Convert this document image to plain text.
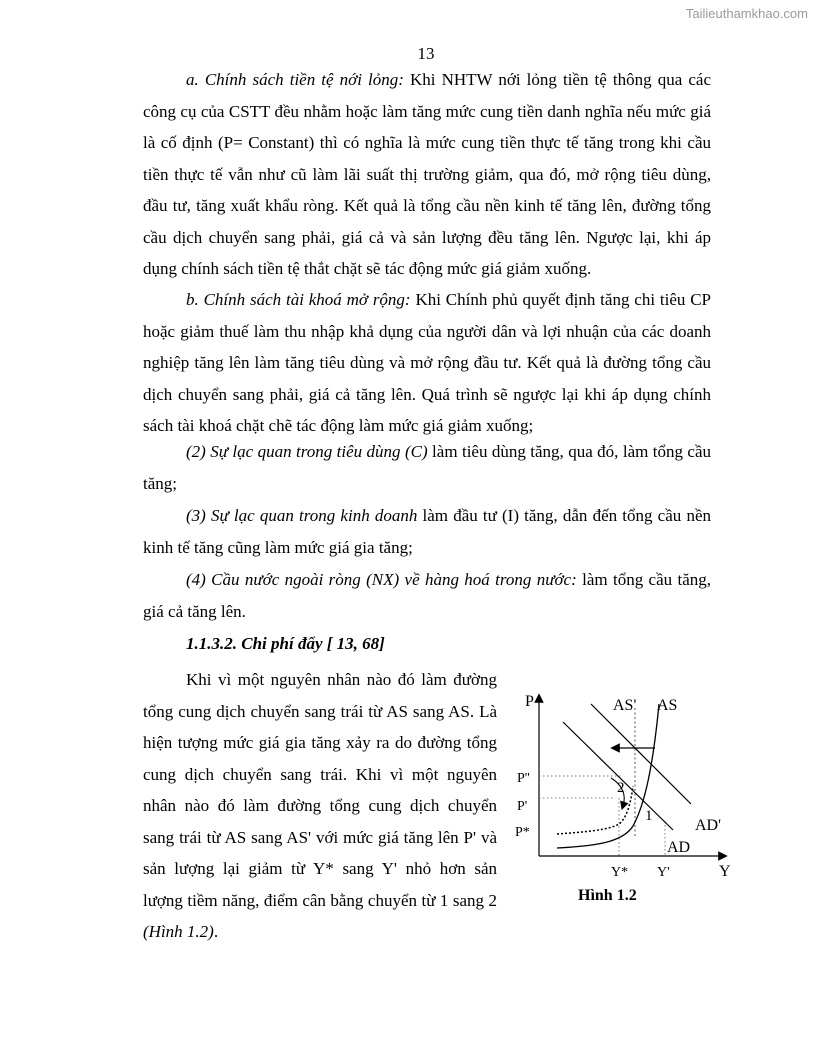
Tailieuthamkhao.com
13

a. Chính sách tiền tệ nới lỏng: Khi NHTW nới lỏng tiền tệ thông qua các công cụ của CSTT đều nhằm hoặc làm tăng mức cung tiền danh nghĩa nếu mức giá là cố định (P= Constant) thì có nghĩa là mức cung tiền thực tế tăng trong khi cầu tiền thực tế vẫn như cũ làm lãi suất thị trường giảm, qua đó, mở rộng tiêu dùng, đầu tư, tăng xuất khẩu ròng. Kết quả là tổng cầu nền kinh tế tăng lên, đường tổng cầu dịch chuyển sang phải, giá cả và sản lượng đều tăng lên. Ngược lại, khi áp dụng chính sách tiền tệ thắt chặt sẽ tác động mức giá giảm xuống.

b. Chính sách tài khoá mở rộng: Khi Chính phủ quyết định tăng chi tiêu CP hoặc giảm thuế làm thu nhập khả dụng của người dân và lợi nhuận của các doanh nghiệp tăng lên làm tăng tiêu dùng và mở rộng đầu tư. Kết quả là đường tổng cầu dịch chuyển sang phải, giá cả tăng lên. Quá trình sẽ ngược lại khi áp dụng chính sách tài khoá chặt chẽ tác động làm mức giá giảm xuống;

(2) Sự lạc quan trong tiêu dùng (C) làm tiêu dùng tăng, qua đó, làm tổng cầu tăng;

(3) Sự lạc quan trong kinh doanh làm đầu tư (I) tăng, dẫn đến tổng cầu nền kinh tế tăng cũng làm mức giá gia tăng;

(4) Cầu nước ngoài ròng (NX) về hàng hoá trong nước: làm tổng cầu tăng, giá cả tăng lên.

1.1.3.2. Chi phí đẩy [ 13, 68]

Khi vì một nguyên nhân nào đó làm đường tổng cung dịch chuyển sang trái từ AS sang AS. Là hiện tượng mức giá gia tăng xảy ra do đường tổng cung dịch chuyển sang trái. Khi vì một nguyên nhân nào đó làm đường tổng cung dịch chuyển sang trái từ AS sang AS' với mức giá tăng lên P' và sản lượng lại giảm từ Y* sang Y' nhỏ hơn sản lượng tiềm năng, điểm cân bằng chuyển từ 1 sang 2 (Hình 1.2).

P
Y
AS' AS
P''
P'
P*
2
1
AD'
AD
Y* Y'
Hình 1.2
